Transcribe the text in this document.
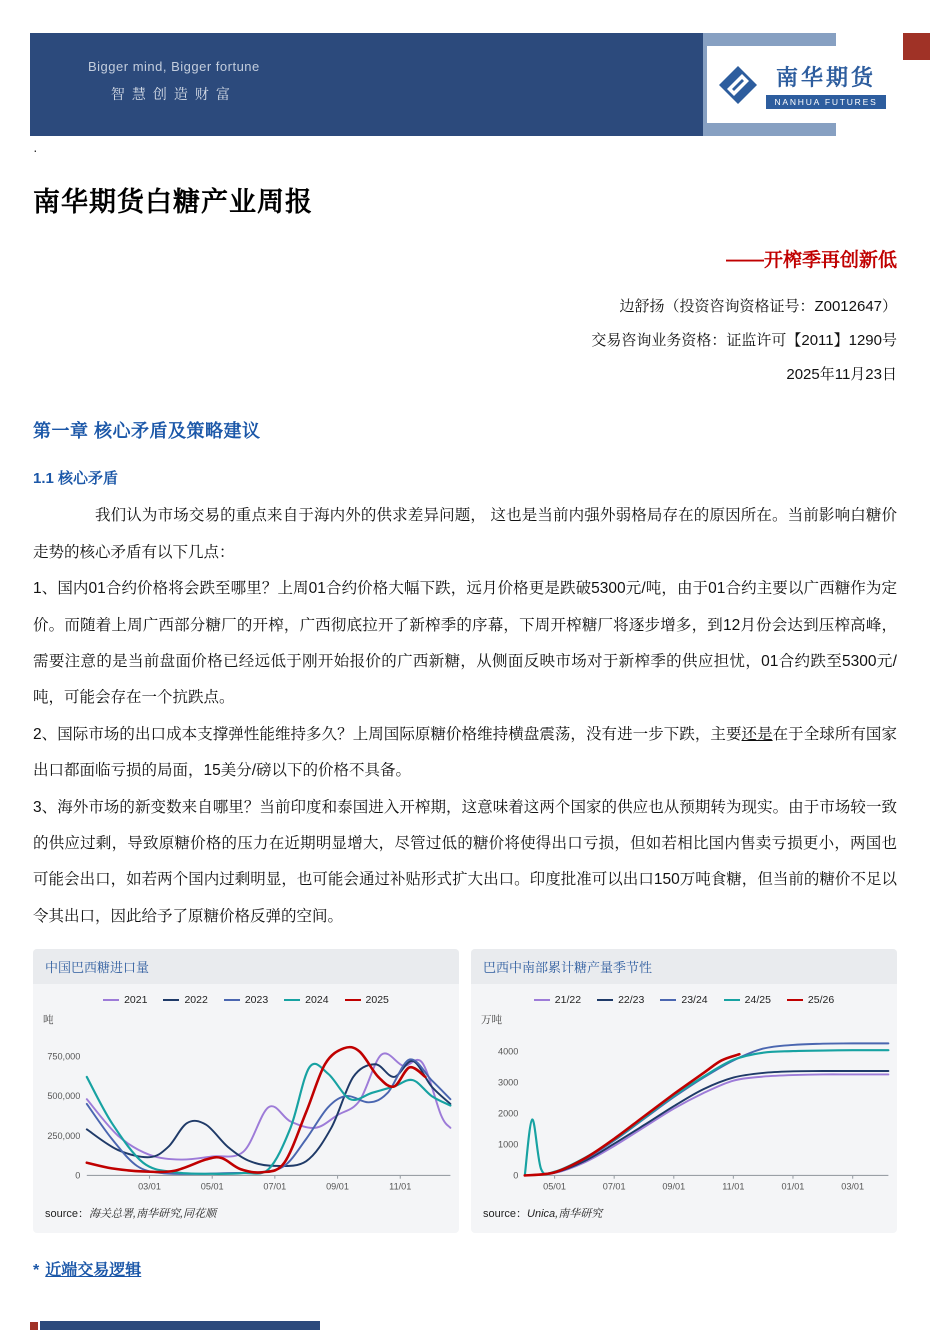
Bigger mind, Bigger fortune
智慧创造财富
南华期货
NANHUA FUTURES
·
南华期货白糖产业周报
——开榨季再创新低
边舒扬（投资咨询资格证号：Z0012647）
交易咨询业务资格：证监许可【2011】1290号
2025年11月23日
第一章 核心矛盾及策略建议
1.1 核心矛盾

我们认为市场交易的重点来自于海内外的供求差异问题， 这也是当前内强外弱格局存在的原因所在。当前影响白糖价走势的核心矛盾有以下几点：

1、国内01合约价格将会跌至哪里？上周01合约价格大幅下跌，远月价格更是跌破5300元/吨，由于01合约主要以广西糖作为定价。而随着上周广西部分糖厂的开榨，广西彻底拉开了新榨季的序幕，下周开榨糖厂将逐步增多，到12月份会达到压榨高峰，需要注意的是当前盘面价格已经远低于刚开始报价的广西新糖，从侧面反映市场对于新榨季的供应担忧，01合约跌至5300元/吨，可能会存在一个抗跌点。

2、国际市场的出口成本支撑弹性能维持多久？上周国际原糖价格维持横盘震荡，没有进一步下跌，主要还是在于全球所有国家出口都面临亏损的局面，15美分/磅以下的价格不具备。

3、海外市场的新变数来自哪里？当前印度和泰国进入开榨期，这意味着这两个国家的供应也从预期转为现实。由于市场较一致的供应过剩，导致原糖价格的压力在近期明显增大，尽管过低的糖价将使得出口亏损，但如若相比国内售卖亏损更小，两国也可能会出口，如若两个国内过剩明显，也可能会通过补贴形式扩大出口。印度批准可以出口150万吨食糖，但当前的糖价不足以令其出口，因此给予了原糖价格反弹的空间。

中国巴西糖进口量
2021	2022	2023	2024	2025
吨
0
250,000
500,000
750,000
03/01	05/01	07/01	09/01	11/01
source：海关总署,南华研究,同花顺
巴西中南部累计糖产量季节性
21/22	22/23	23/24	24/25	25/26
万吨
0
1000
2000
3000
4000
05/01	07/01	09/01	11/01	01/01	03/01
source：Unica,南华研究
* 近端交易逻辑
